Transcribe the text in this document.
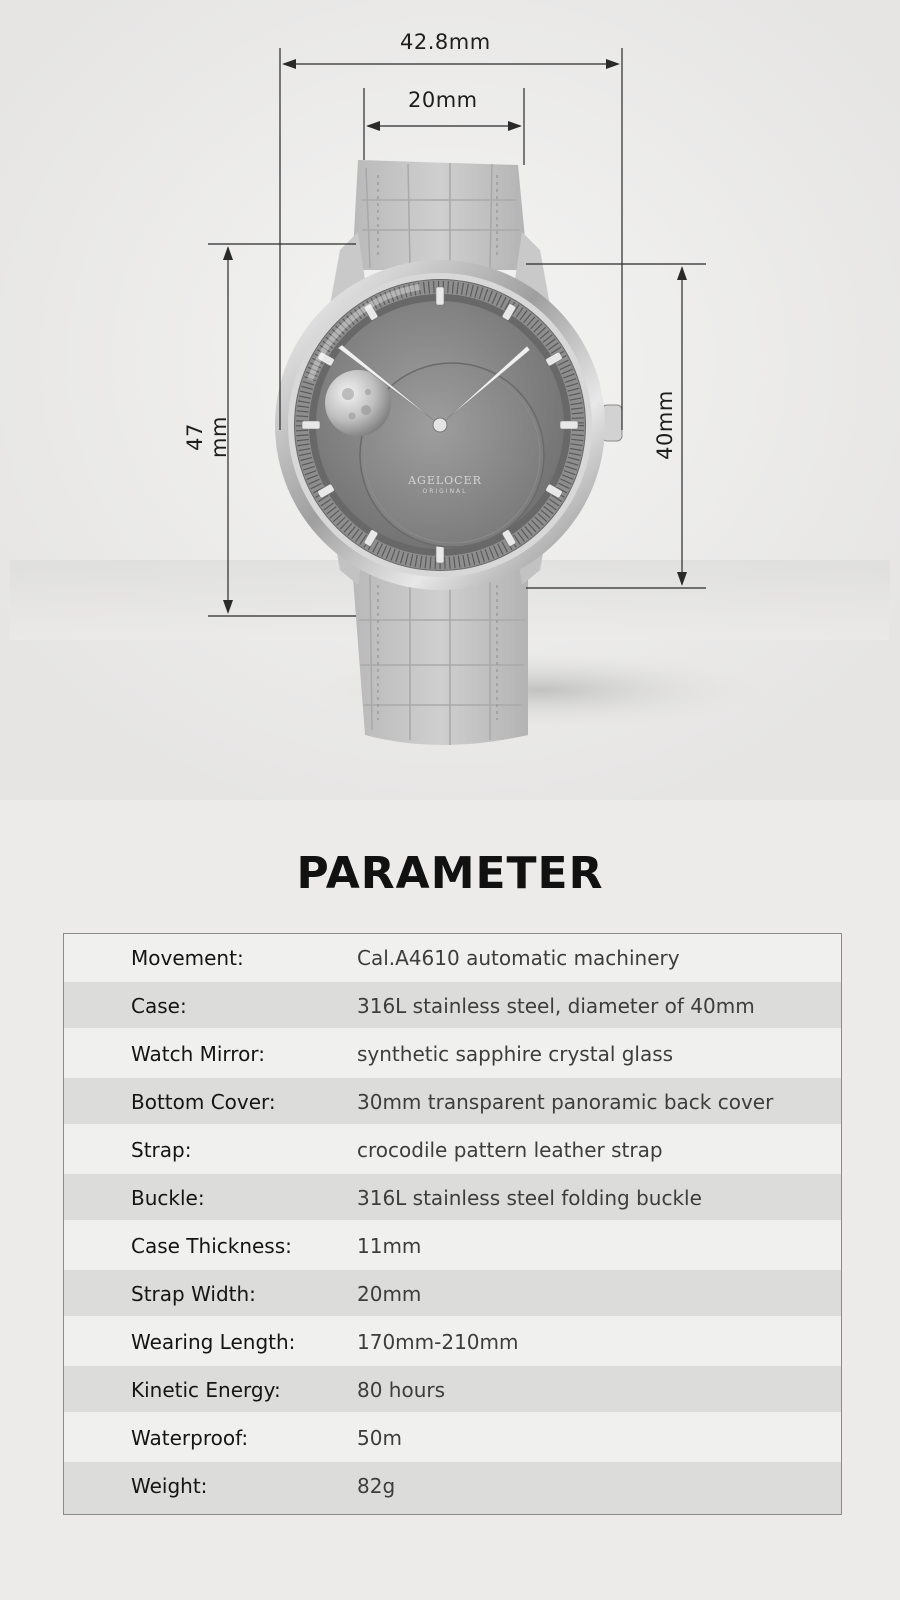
42.8mm
20mm
47 mm	40mm
AGELOCER
ORIGINAL
PARAMETER
Movement:	Cal.A4610 automatic machinery
Case:	316L stainless steel, diameter of 40mm
Watch Mirror:	synthetic sapphire crystal glass
Bottom Cover:	30mm transparent panoramic back cover
Strap:	crocodile pattern leather strap
Buckle:	316L stainless steel folding buckle
Case Thickness:	11mm
Strap Width:	20mm
Wearing Length:	170mm-210mm
Kinetic Energy:	80 hours
Waterproof:	50m
Weight:	82g
